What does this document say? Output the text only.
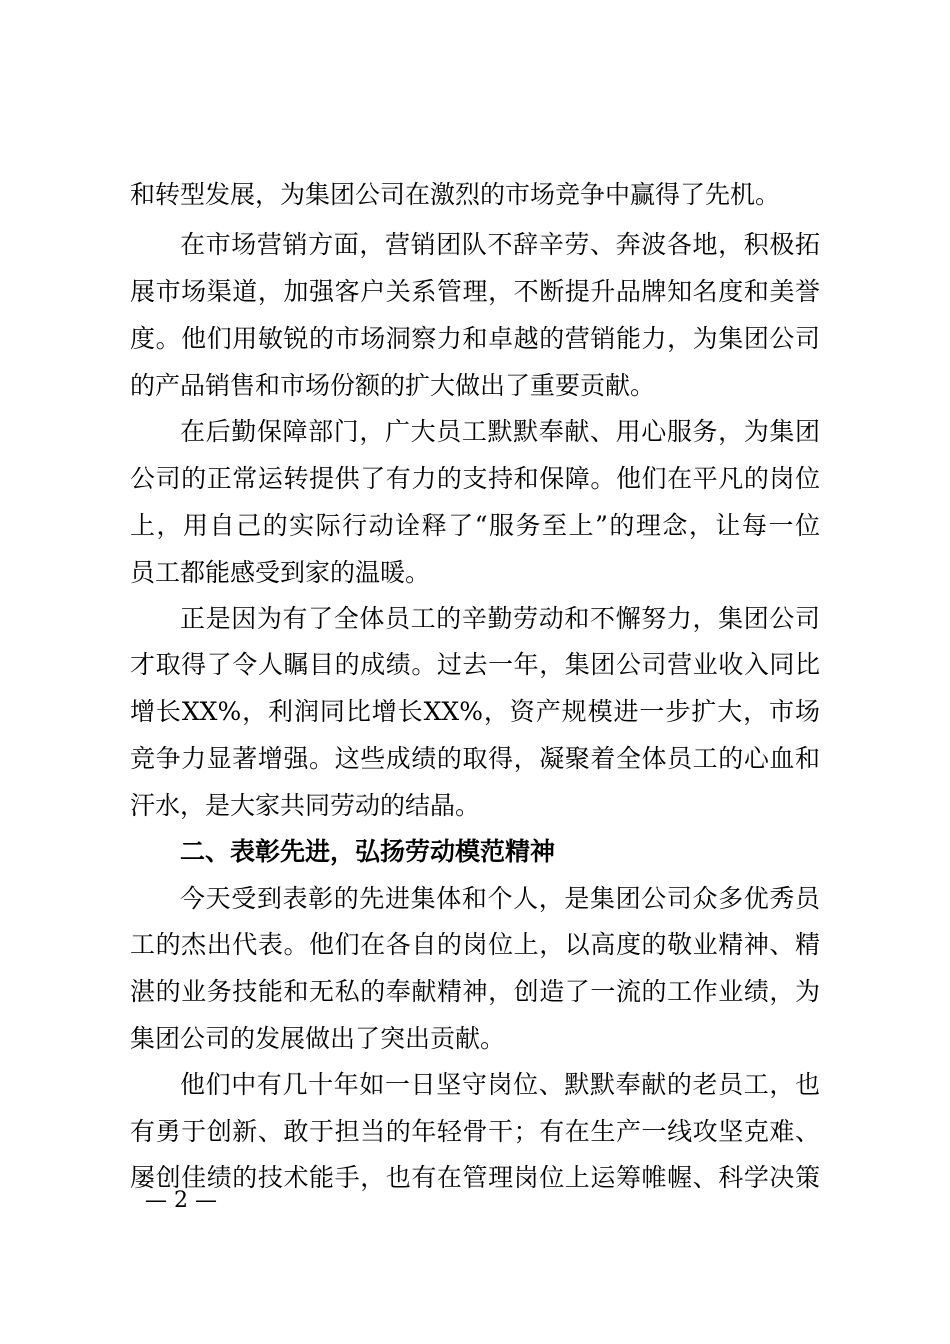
和转型发展，为集团公司在激烈的市场竞争中赢得了先机。
在市场营销方面，营销团队不辞辛劳、奔波各地，积极拓
展市场渠道，加强客户关系管理，不断提升品牌知名度和美誉
度。他们用敏锐的市场洞察力和卓越的营销能力，为集团公司
的产品销售和市场份额的扩大做出了重要贡献。
在后勤保障部门，广大员工默默奉献、用心服务，为集团
公司的正常运转提供了有力的支持和保障。他们在平凡的岗位
上，用自己的实际行动诠释了“服务至上”的理念，让每一位
员工都能感受到家的温暖。
正是因为有了全体员工的辛勤劳动和不懈努力，集团公司
才取得了令人瞩目的成绩。过去一年，集团公司营业收入同比
增长XX%，利润同比增长XX%，资产规模进一步扩大，市场
竞争力显著增强。这些成绩的取得，凝聚着全体员工的心血和
汗水，是大家共同劳动的结晶。
二、表彰先进，弘扬劳动模范精神
今天受到表彰的先进集体和个人，是集团公司众多优秀员
工的杰出代表。他们在各自的岗位上，以高度的敬业精神、精
湛的业务技能和无私的奉献精神，创造了一流的工作业绩，为
集团公司的发展做出了突出贡献。
他们中有几十年如一日坚守岗位、默默奉献的老员工，也
有勇于创新、敢于担当的年轻骨干；有在生产一线攻坚克难、
屡创佳绩的技术能手，也有在管理岗位上运筹帷幄、科学决策
— 2 —
